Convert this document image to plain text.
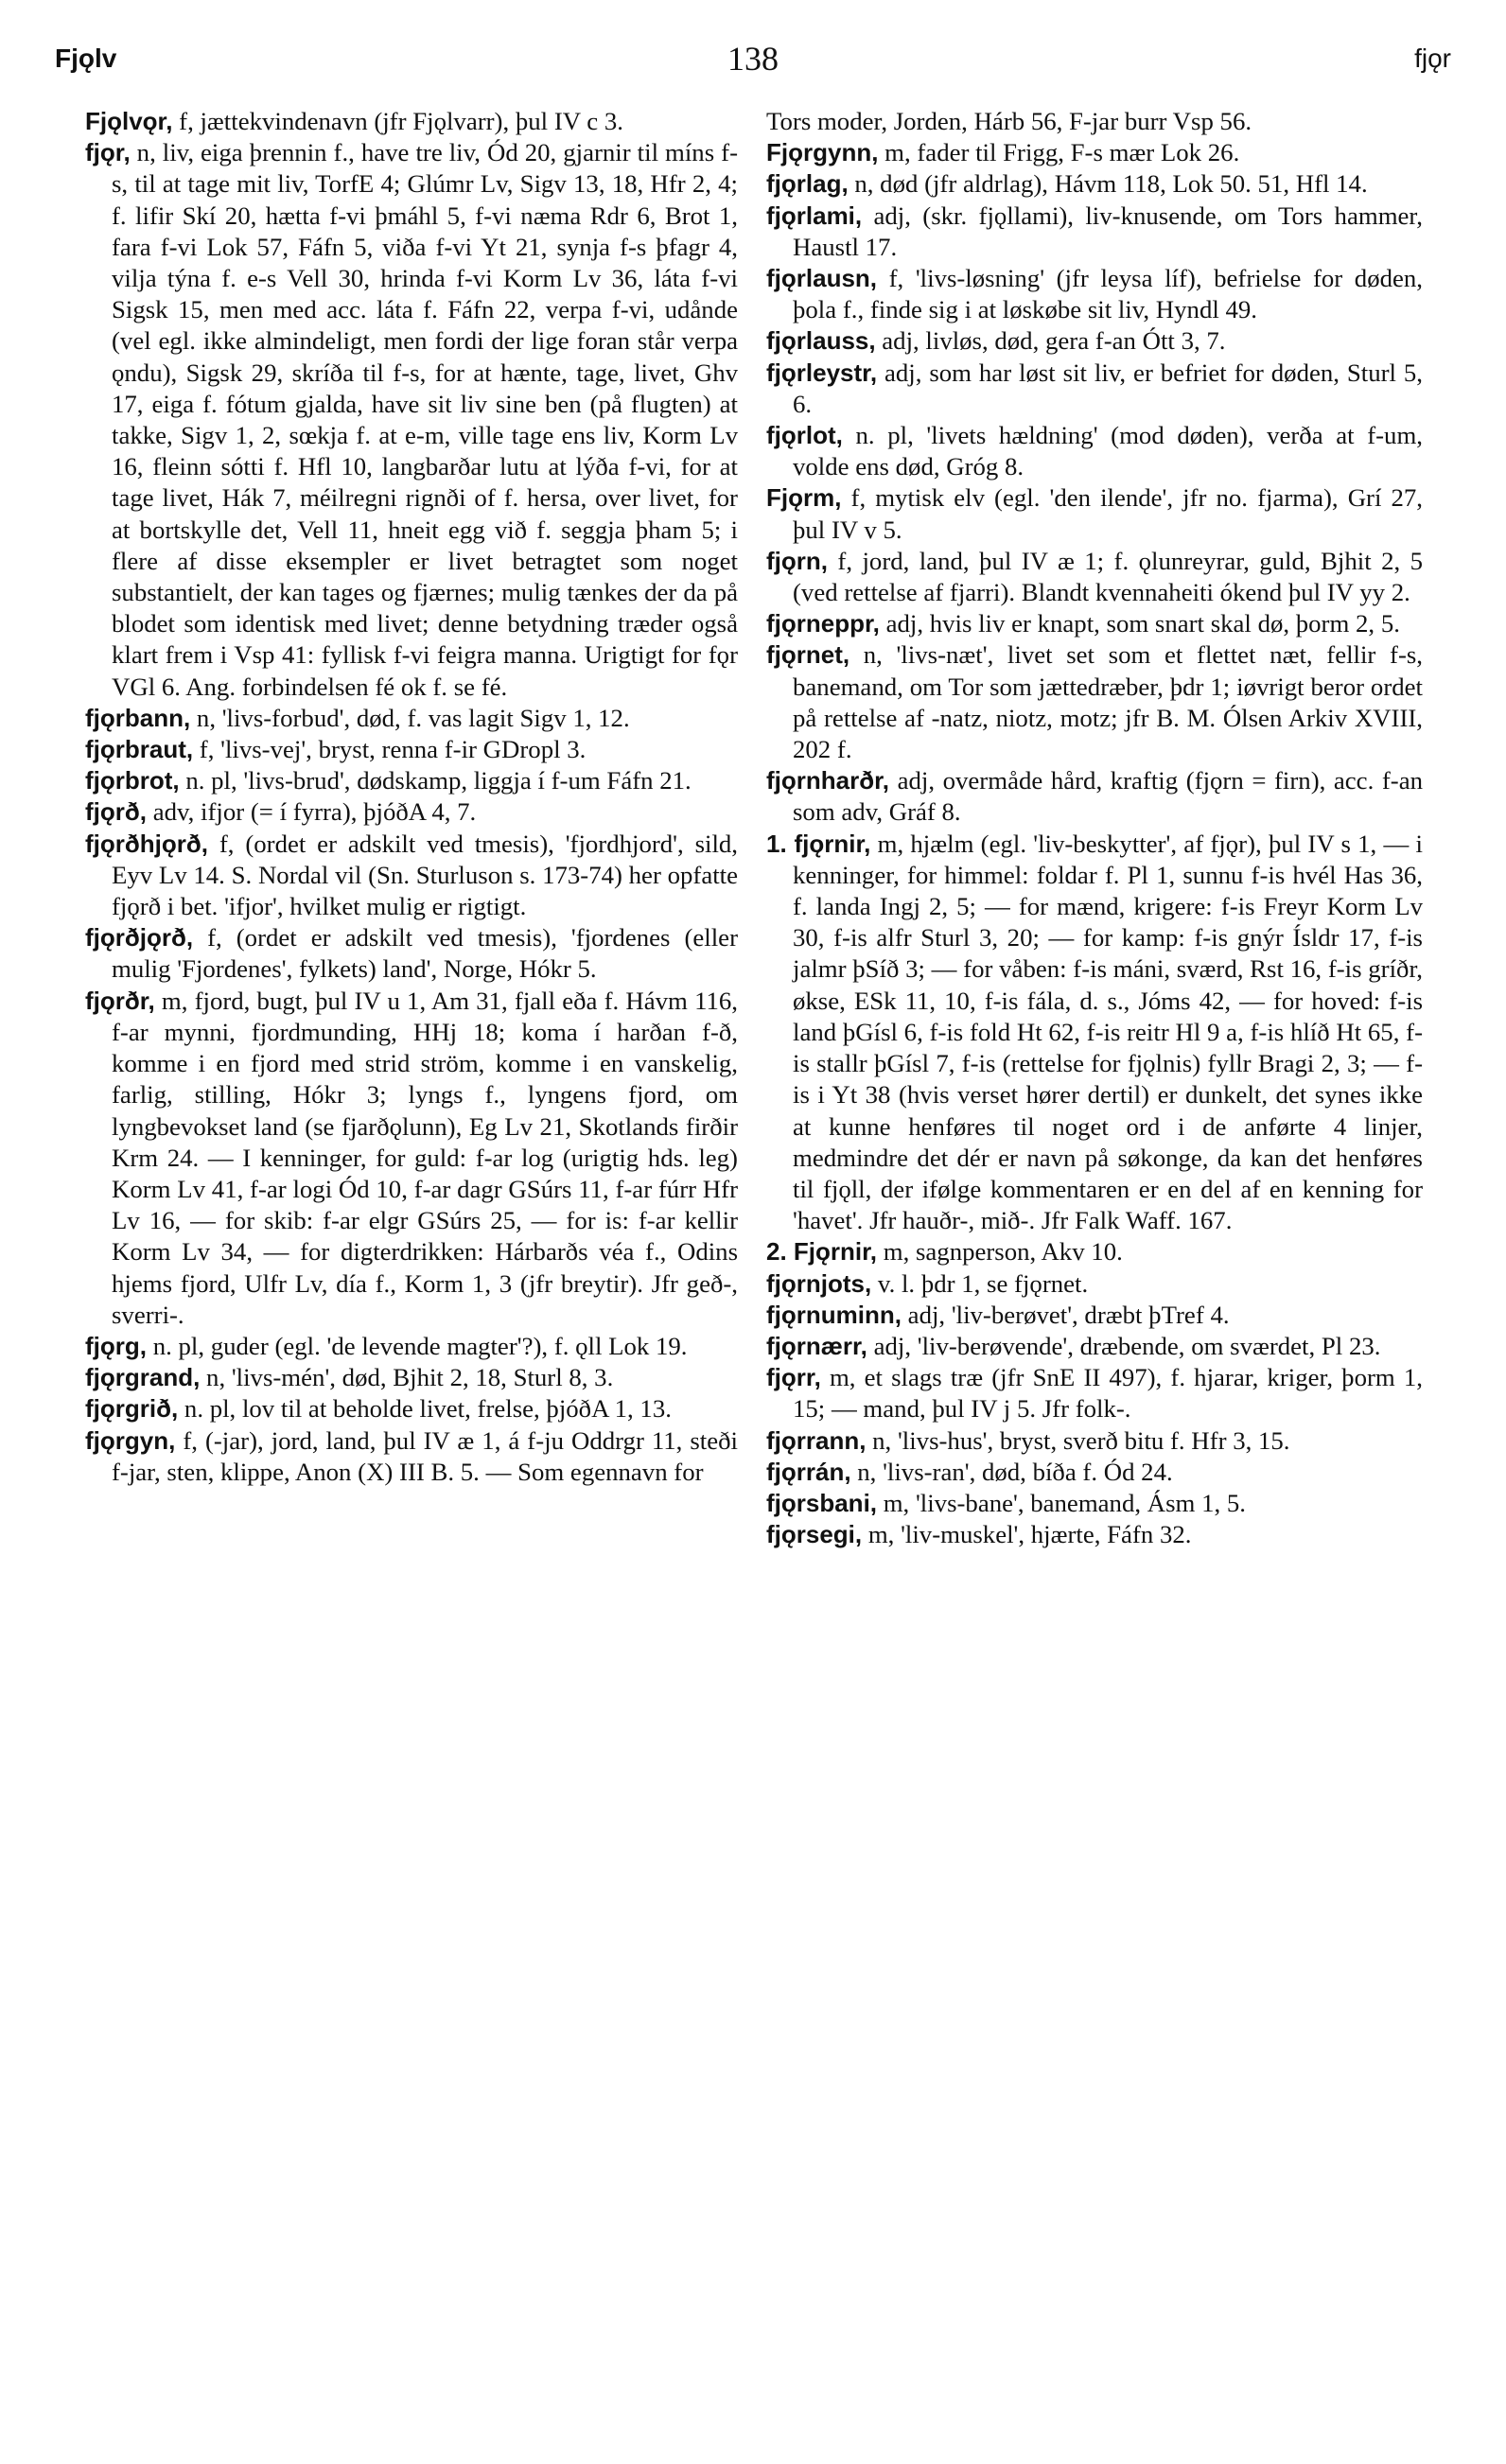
Fjǫlv	138	fjǫr

Fjǫlvǫr, f, jættekvindenavn (jfr Fjǫlvarr), þul IV c 3.

fjǫr, n, liv, eiga þrennin f., have tre liv, Ód 20, gjarnir til míns f-s, til at tage mit liv, TorfE 4; Glúmr Lv, Sigv 13, 18, Hfr 2, 4; f. lifir Skí 20, hætta f-vi þmáhl 5, f-vi næma Rdr 6, Brot 1, fara f-vi Lok 57, Fáfn 5, viða f-vi Yt 21, synja f-s þfagr 4, vilja týna f. e-s Vell 30, hrinda f-vi Korm Lv 36, láta f-vi Sigsk 15, men med acc. láta f. Fáfn 22, verpa f-vi, udånde (vel egl. ikke almindeligt, men fordi der lige foran står verpa ǫndu), Sigsk 29, skríða til f-s, for at hænte, tage, livet, Ghv 17, eiga f. fótum gjalda, have sit liv sine ben (på flugten) at takke, Sigv 1, 2, sœkja f. at e-m, ville tage ens liv, Korm Lv 16, fleinn sótti f. Hfl 10, langbarðar lutu at lýða f-vi, for at tage livet, Hák 7, méilregni rignði of f. hersa, over livet, for at bortskylle det, Vell 11, hneit egg við f. seggja þham 5; i flere af disse eksempler er livet betragtet som noget substantielt, der kan tages og fjærnes; mulig tænkes der da på blodet som identisk med livet; denne betydning træder også klart frem i Vsp 41: fyllisk f-vi feigra manna. Urigtigt for fǫr VGl 6. Ang. forbindelsen fé ok f. se fé.

fjǫrbann, n, 'livs-forbud', død, f. vas lagit Sigv 1, 12.

fjǫrbraut, f, 'livs-vej', bryst, renna f-ir GDropl 3.

fjǫrbrot, n. pl, 'livs-brud', dødskamp, liggja í f-um Fáfn 21.

fjǫrð, adv, ifjor (= í fyrra), þjóðA 4, 7.

fjǫrðhjǫrð, f, (ordet er adskilt ved tmesis), 'fjordhjord', sild, Eyv Lv 14. S. Nordal vil (Sn. Sturluson s. 173-74) her opfatte fjǫrð i bet. 'ifjor', hvilket mulig er rigtigt.

fjǫrðjǫrð, f, (ordet er adskilt ved tmesis), 'fjordenes (eller mulig 'Fjordenes', fylkets) land', Norge, Hókr 5.

fjǫrðr, m, fjord, bugt, þul IV u 1, Am 31, fjall eða f. Hávm 116, f-ar mynni, fjordmunding, HHj 18; koma í harðan f-ð, komme i en fjord med strid ström, komme i en vanskelig, farlig, stilling, Hókr 3; lyngs f., lyngens fjord, om lyngbevokset land (se fjarðǫlunn), Eg Lv 21, Skotlands firðir Krm 24. — I kenninger, for guld: f-ar log (urigtig hds. leg) Korm Lv 41, f-ar logi Ód 10, f-ar dagr GSúrs 11, f-ar fúrr Hfr Lv 16, — for skib: f-ar elgr GSúrs 25, — for is: f-ar kellir Korm Lv 34, — for digterdrikken: Hárbarðs véa f., Odins hjems fjord, Ulfr Lv, día f., Korm 1, 3 (jfr breytir). Jfr geð-, sverri-.

fjǫrg, n. pl, guder (egl. 'de levende magter'?), f. ǫll Lok 19.

fjǫrgrand, n, 'livs-mén', død, Bjhit 2, 18, Sturl 8, 3.

fjǫrgrið, n. pl, lov til at beholde livet, frelse, þjóðA 1, 13.

fjǫrgyn, f, (-jar), jord, land, þul IV æ 1, á f-ju Oddrgr 11, steði f-jar, sten, klippe, Anon (X) III B. 5. — Som egennavn for

Tors moder, Jorden, Hárb 56, F-jar burr Vsp 56.

Fjǫrgynn, m, fader til Frigg, F-s mær Lok 26.

fjǫrlag, n, død (jfr aldrlag), Hávm 118, Lok 50. 51, Hfl 14.

fjǫrlami, adj, (skr. fjǫllami), liv-knusende, om Tors hammer, Haustl 17.

fjǫrlausn, f, 'livs-løsning' (jfr leysa líf), befrielse for døden, þola f., finde sig i at løskøbe sit liv, Hyndl 49.

fjǫrlauss, adj, livløs, død, gera f-an Ótt 3, 7.

fjǫrleystr, adj, som har løst sit liv, er befriet for døden, Sturl 5, 6.

fjǫrlot, n. pl, 'livets hældning' (mod døden), verða at f-um, volde ens død, Gróg 8.

Fjǫrm, f, mytisk elv (egl. 'den ilende', jfr no. fjarma), Grí 27, þul IV v 5.

fjǫrn, f, jord, land, þul IV æ 1; f. ǫlunreyrar, guld, Bjhit 2, 5 (ved rettelse af fjarri). Blandt kvennaheiti ókend þul IV yy 2.

fjǫrneppr, adj, hvis liv er knapt, som snart skal dø, þorm 2, 5.

fjǫrnet, n, 'livs-næt', livet set som et flettet næt, fellir f-s, banemand, om Tor som jættedræber, þdr 1; iøvrigt beror ordet på rettelse af -natz, niotz, motz; jfr B. M. Ólsen Arkiv XVIII, 202 f.

fjǫrnharðr, adj, overmåde hård, kraftig (fjǫrn = firn), acc. f-an som adv, Gráf 8.

1. fjǫrnir, m, hjælm (egl. 'liv-beskytter', af fjǫr), þul IV s 1, — i kenninger, for himmel: foldar f. Pl 1, sunnu f-is hvél Has 36, f. landa Ingj 2, 5; — for mænd, krigere: f-is Freyr Korm Lv 30, f-is alfr Sturl 3, 20; — for kamp: f-is gnýr Ísldr 17, f-is jalmr þSíð 3; — for våben: f-is máni, sværd, Rst 16, f-is gríðr, økse, ESk 11, 10, f-is fála, d. s., Jóms 42, — for hoved: f-is land þGísl 6, f-is fold Ht 62, f-is reitr Hl 9 a, f-is hlíð Ht 65, f-is stallr þGísl 7, f-is (rettelse for fjǫlnis) fyllr Bragi 2, 3; — f-is i Yt 38 (hvis verset hører dertil) er dunkelt, det synes ikke at kunne henføres til noget ord i de anførte 4 linjer, medmindre det dér er navn på søkonge, da kan det henføres til fjǫll, der ifølge kommentaren er en del af en kenning for 'havet'. Jfr hauðr-, mið-. Jfr Falk Waff. 167.

2. Fjǫrnir, m, sagnperson, Akv 10.

fjǫrnjots, v. l. þdr 1, se fjǫrnet.

fjǫrnuminn, adj, 'liv-berøvet', dræbt þTref 4.

fjǫrnærr, adj, 'liv-berøvende', dræbende, om sværdet, Pl 23.

fjǫrr, m, et slags træ (jfr SnE II 497), f. hjarar, kriger, þorm 1, 15; — mand, þul IV j 5. Jfr folk-.

fjǫrrann, n, 'livs-hus', bryst, sverð bitu f. Hfr 3, 15.

fjǫrrán, n, 'livs-ran', død, bíða f. Ód 24.

fjǫrsbani, m, 'livs-bane', banemand, Ásm 1, 5.

fjǫrsegi, m, 'liv-muskel', hjærte, Fáfn 32.
